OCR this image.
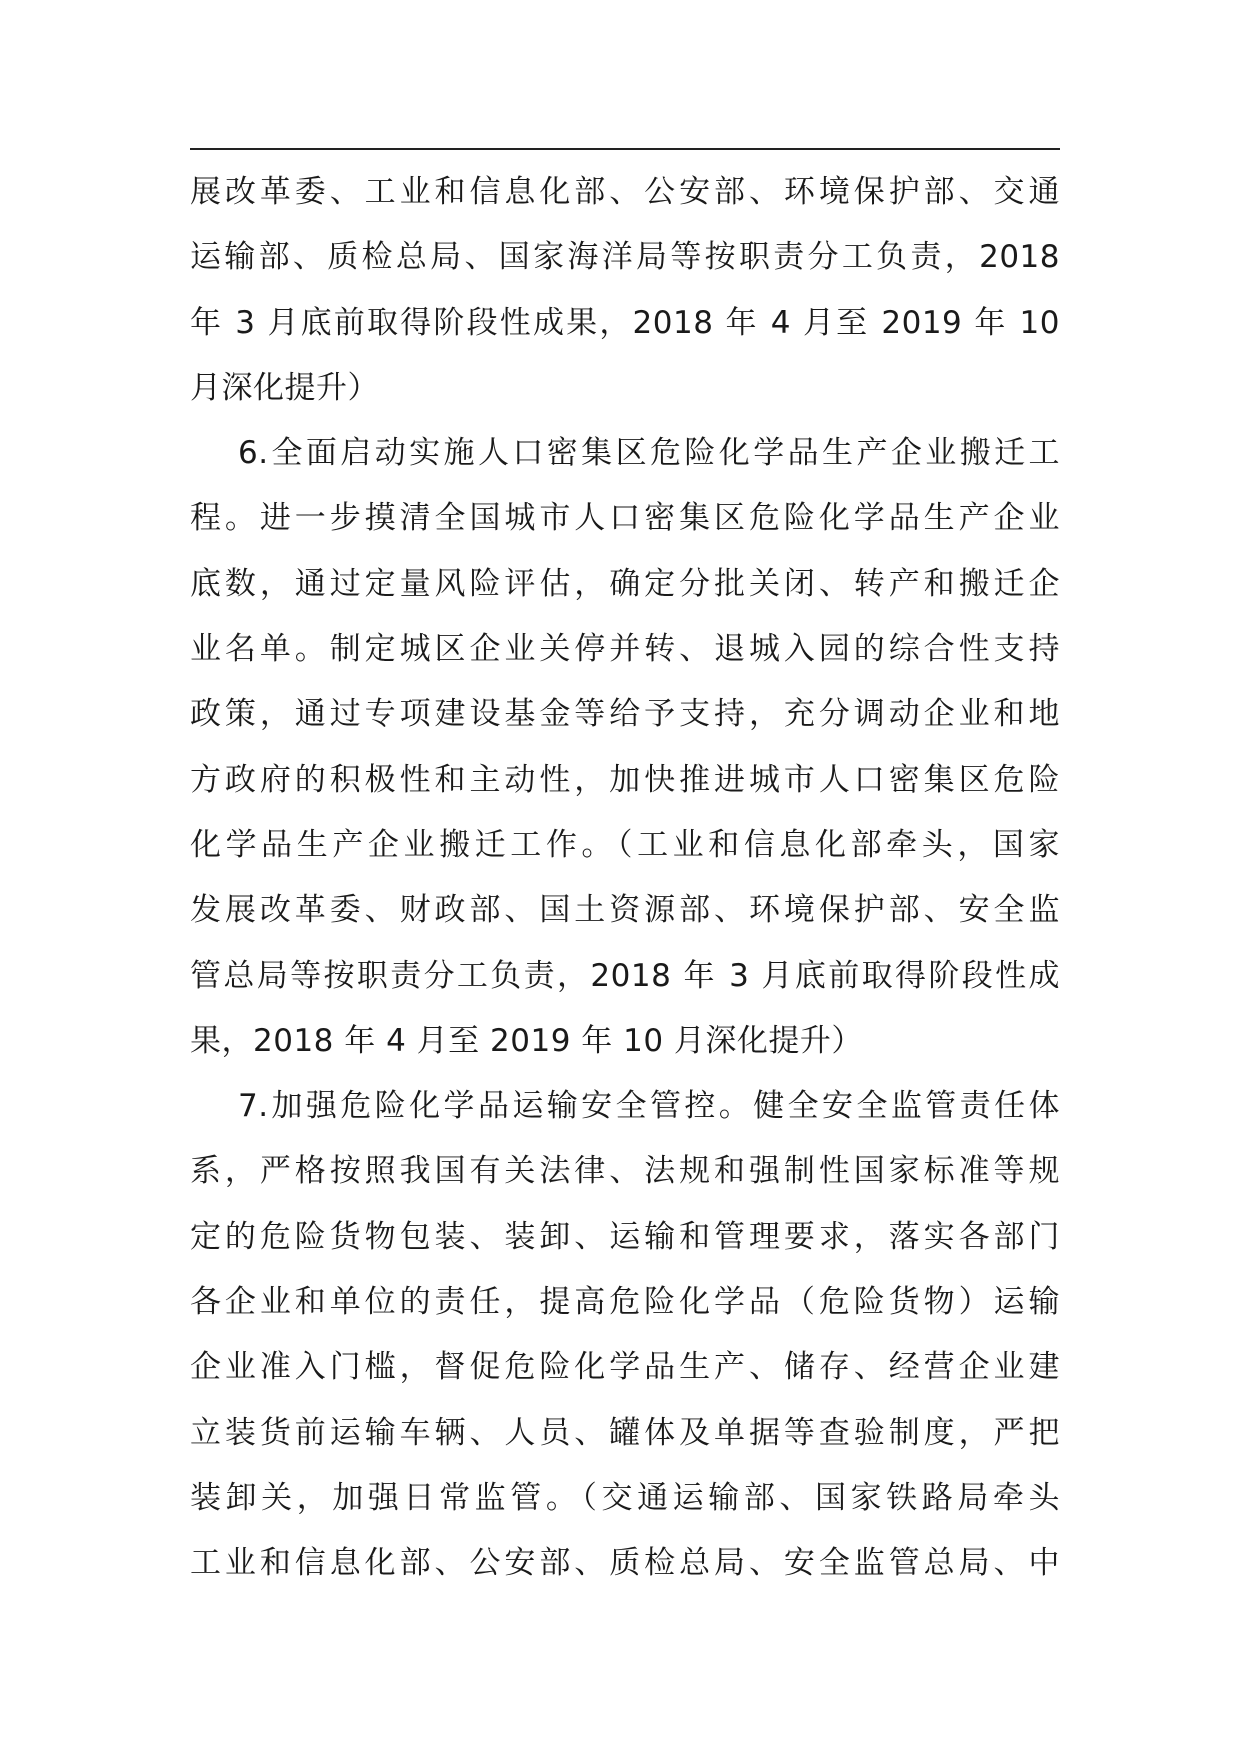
展改革委、工业和信息化部、公安部、环境保护部、交通
运输部、质检总局、国家海洋局等按职责分工负责，2018
年 3 月底前取得阶段性成果，2018 年 4 月至 2019 年 10
月深化提升）
6.全面启动实施人口密集区危险化学品生产企业搬迁工
程。进一步摸清全国城市人口密集区危险化学品生产企业
底数，通过定量风险评估，确定分批关闭、转产和搬迁企
业名单。制定城区企业关停并转、退城入园的综合性支持
政策，通过专项建设基金等给予支持，充分调动企业和地
方政府的积极性和主动性，加快推进城市人口密集区危险
化学品生产企业搬迁工作。（工业和信息化部牵头，国家
发展改革委、财政部、国土资源部、环境保护部、安全监
管总局等按职责分工负责，2018 年 3 月底前取得阶段性成
果，2018 年 4 月至 2019 年 10 月深化提升）
7.加强危险化学品运输安全管控。健全安全监管责任体
系，严格按照我国有关法律、法规和强制性国家标准等规
定的危险货物包装、装卸、运输和管理要求，落实各部门
各企业和单位的责任，提高危险化学品（危险货物）运输
企业准入门槛，督促危险化学品生产、储存、经营企业建
立装货前运输车辆、人员、罐体及单据等查验制度，严把
装卸关，加强日常监管。（交通运输部、国家铁路局牵头
工业和信息化部、公安部、质检总局、安全监管总局、中
